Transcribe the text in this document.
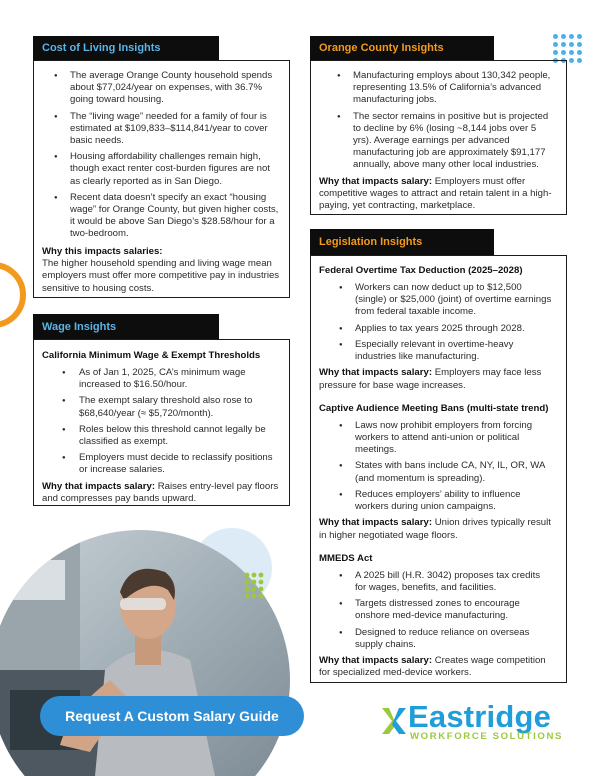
Cost of Living Insights
● The average Orange County household spends about $77,024/year on expenses, with 36.7% going toward housing.
● The “living wage” needed for a family of four is estimated at $109,833–$114,841/year to cover basic needs.
● Housing affordability challenges remain high, though exact renter cost-burden figures are not as clearly reported as in San Diego.
● Recent data doesn’t specify an exact “housing wage” for Orange County, but given higher costs, it would be above San Diego’s $28.58/hour for a two-bedroom.
Why this impacts salaries:
The higher household spending and living wage mean employers must offer more competitive pay in industries sensitive to housing costs.
Wage Insights
California Minimum Wage & Exempt Thresholds
● As of Jan 1, 2025, CA’s minimum wage increased to $16.50/hour.
● The exempt salary threshold also rose to $68,640/year (≈ $5,720/month).
● Roles below this threshold cannot legally be classified as exempt.
● Employers must decide to reclassify positions or increase salaries.
Why that impacts salary: Raises entry-level pay floors and compresses pay bands upward.
Orange County Insights
● Manufacturing employs about 130,342 people, representing 13.5% of California’s advanced manufacturing jobs.
● The sector remains in positive but is projected to decline by 6% (losing ~8,144 jobs over 5 yrs). Average earnings per advanced manufacturing job are approximately $91,177 annually, above many other local industries.
Why that impacts salary: Employers must offer competitive wages to attract and retain talent in a high-paying, yet contracting, marketplace.
Legislation Insights
Federal Overtime Tax Deduction (2025–2028)
● Workers can now deduct up to $12,500 (single) or $25,000 (joint) of overtime earnings from federal taxable income.
● Applies to tax years 2025 through 2028.
● Especially relevant in overtime-heavy industries like manufacturing.
Why that impacts salary: Employers may face less pressure for base wage increases.
Captive Audience Meeting Bans (multi-state trend)
● Laws now prohibit employers from forcing workers to attend anti-union or political meetings.
● States with bans include CA, NY, IL, OR, WA (and momentum is spreading).
● Reduces employers’ ability to influence workers during union campaigns.
Why that impacts salary: Union drives typically result in higher negotiated wage floors.
MMEDS Act
● A 2025 bill (H.R. 3042) proposes tax credits for wages, benefits, and facilities.
● Targets distressed zones to encourage onshore med-device manufacturing.
● Designed to reduce reliance on overseas supply chains.
Why that impacts salary: Creates wage competition for specialized med-device workers.
Request A Custom Salary Guide	Eastridge
WORKFORCE SOLUTIONS
